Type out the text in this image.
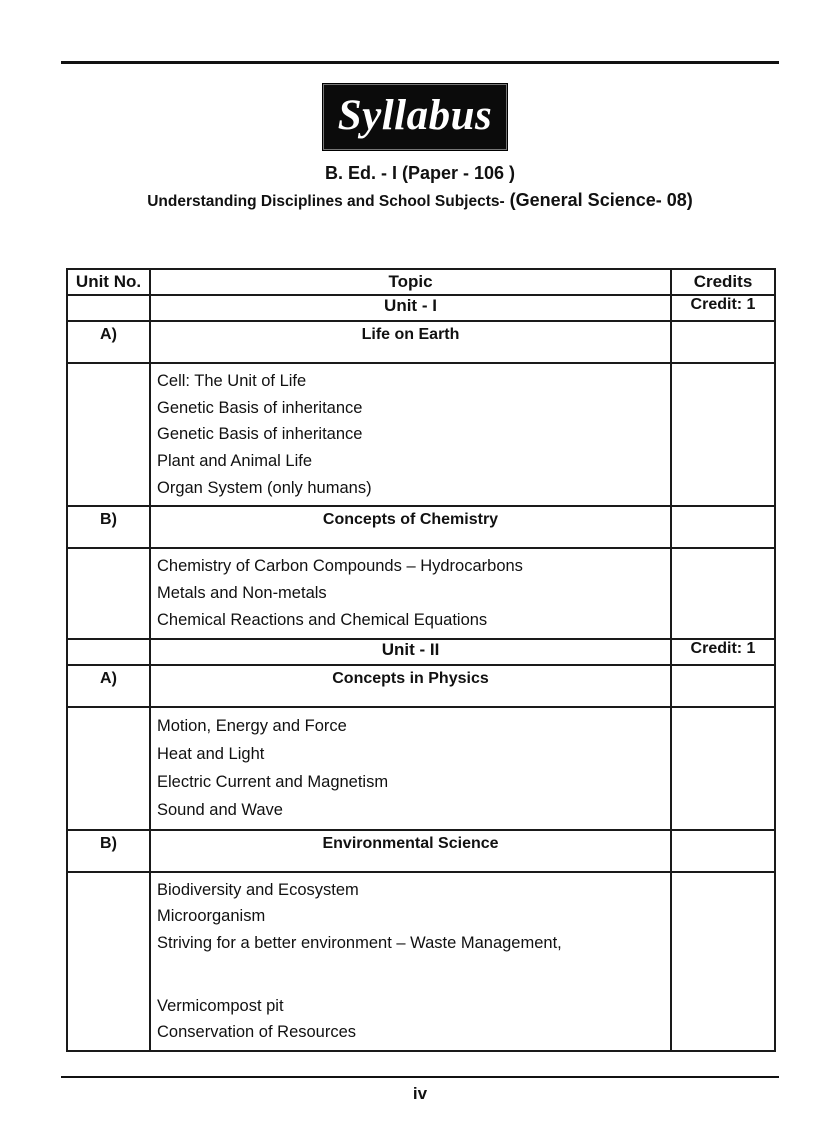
Syllabus
B. Ed. - I (Paper - 106 )
Understanding Disciplines and School Subjects- (General Science- 08)
Unit No.	Topic	Credits
	Unit - I	Credit: 1

A)	Life on Earth	

	Cell: The Unit of Life
Genetic Basis of inheritance
Genetic Basis of inheritance
Plant and Animal Life
Organ System (only humans)	

B)	Concepts of Chemistry	

	Chemistry of Carbon Compounds – Hydrocarbons
Metals and Non-metals
Chemical Reactions and Chemical Equations	

	Unit - II	Credit: 1

A)	Concepts in Physics	

	Motion, Energy and Force
Heat and Light
Electric Current and Magnetism
Sound and Wave	

B)	Environmental Science	

	Biodiversity and Ecosystem
Microorganism
Striving for a better environment – Waste Management,
Vermicompost pit
Conservation of Resources	

iv
